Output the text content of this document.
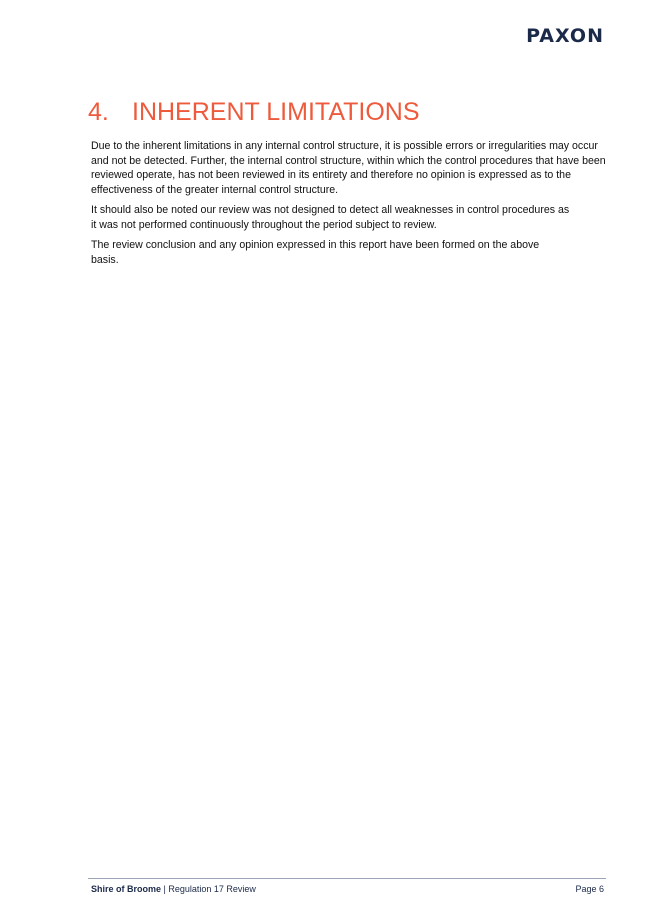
PAXON
4. INHERENT LIMITATIONS

Due to the inherent limitations in any internal control structure, it is possible errors or irregularities may occur and not be detected. Further, the internal control structure, within which the control procedures that have been reviewed operate, has not been reviewed in its entirety and therefore no opinion is expressed as to the effectiveness of the greater internal control structure.

It should also be noted our review was not designed to detect all weaknesses in control procedures as it was not performed continuously throughout the period subject to review.

The review conclusion and any opinion expressed in this report have been formed on the above basis.

Shire of Broome | Regulation 17 Review	Page 6
